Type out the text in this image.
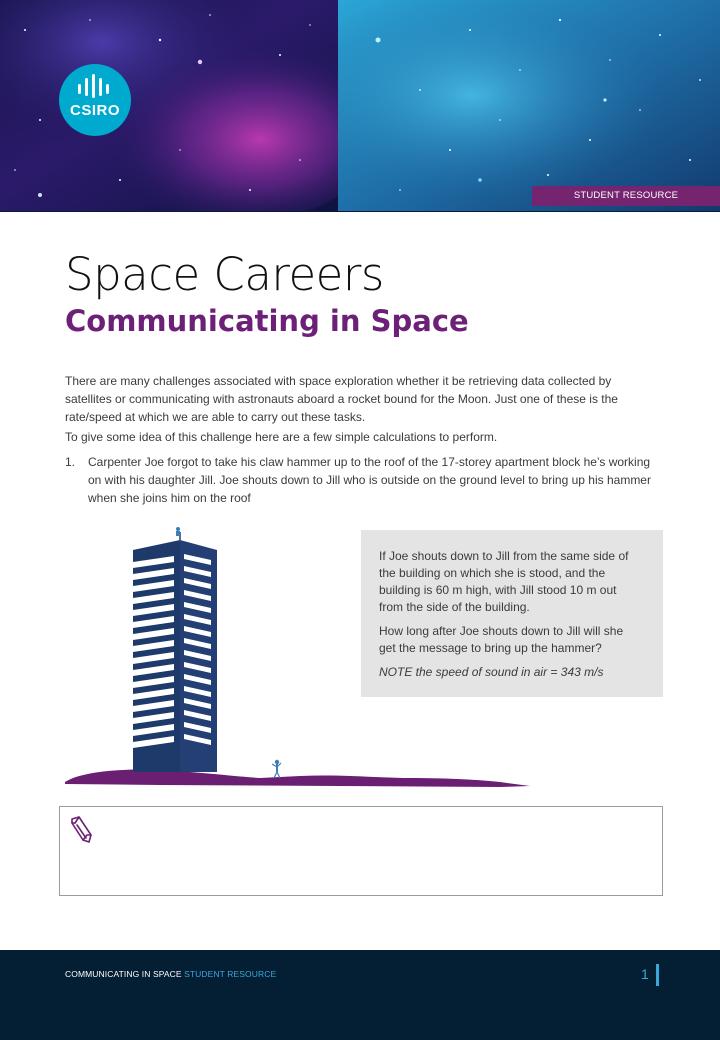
CSIRO
STUDENT RESOURCE
Space Careers
Communicating in Space

There are many challenges associated with space exploration whether it be retrieving data collected by satellites or communicating with astronauts aboard a rocket bound for the Moon. Just one of these is the rate/speed at which we are able to carry out these tasks.

To give some idea of this challenge here are a few simple calculations to perform.

1.	Carpenter Joe forgot to take his claw hammer up to the roof of the 17-storey apartment block he’s working on with his daughter Jill. Joe shouts down to Jill who is outside on the ground level to bring up his hammer when she joins him on the roof

If Joe shouts down to Jill from the same side of the building on which she is stood, and the building is 60 m high, with Jill stood 10 m out from the side of the building.

How long after Joe shouts down to Jill will she get the message to bring up the hammer?

NOTE the speed of sound in air = 343 m/s

COMMUNICATING IN SPACE STUDENT RESOURCE	1
